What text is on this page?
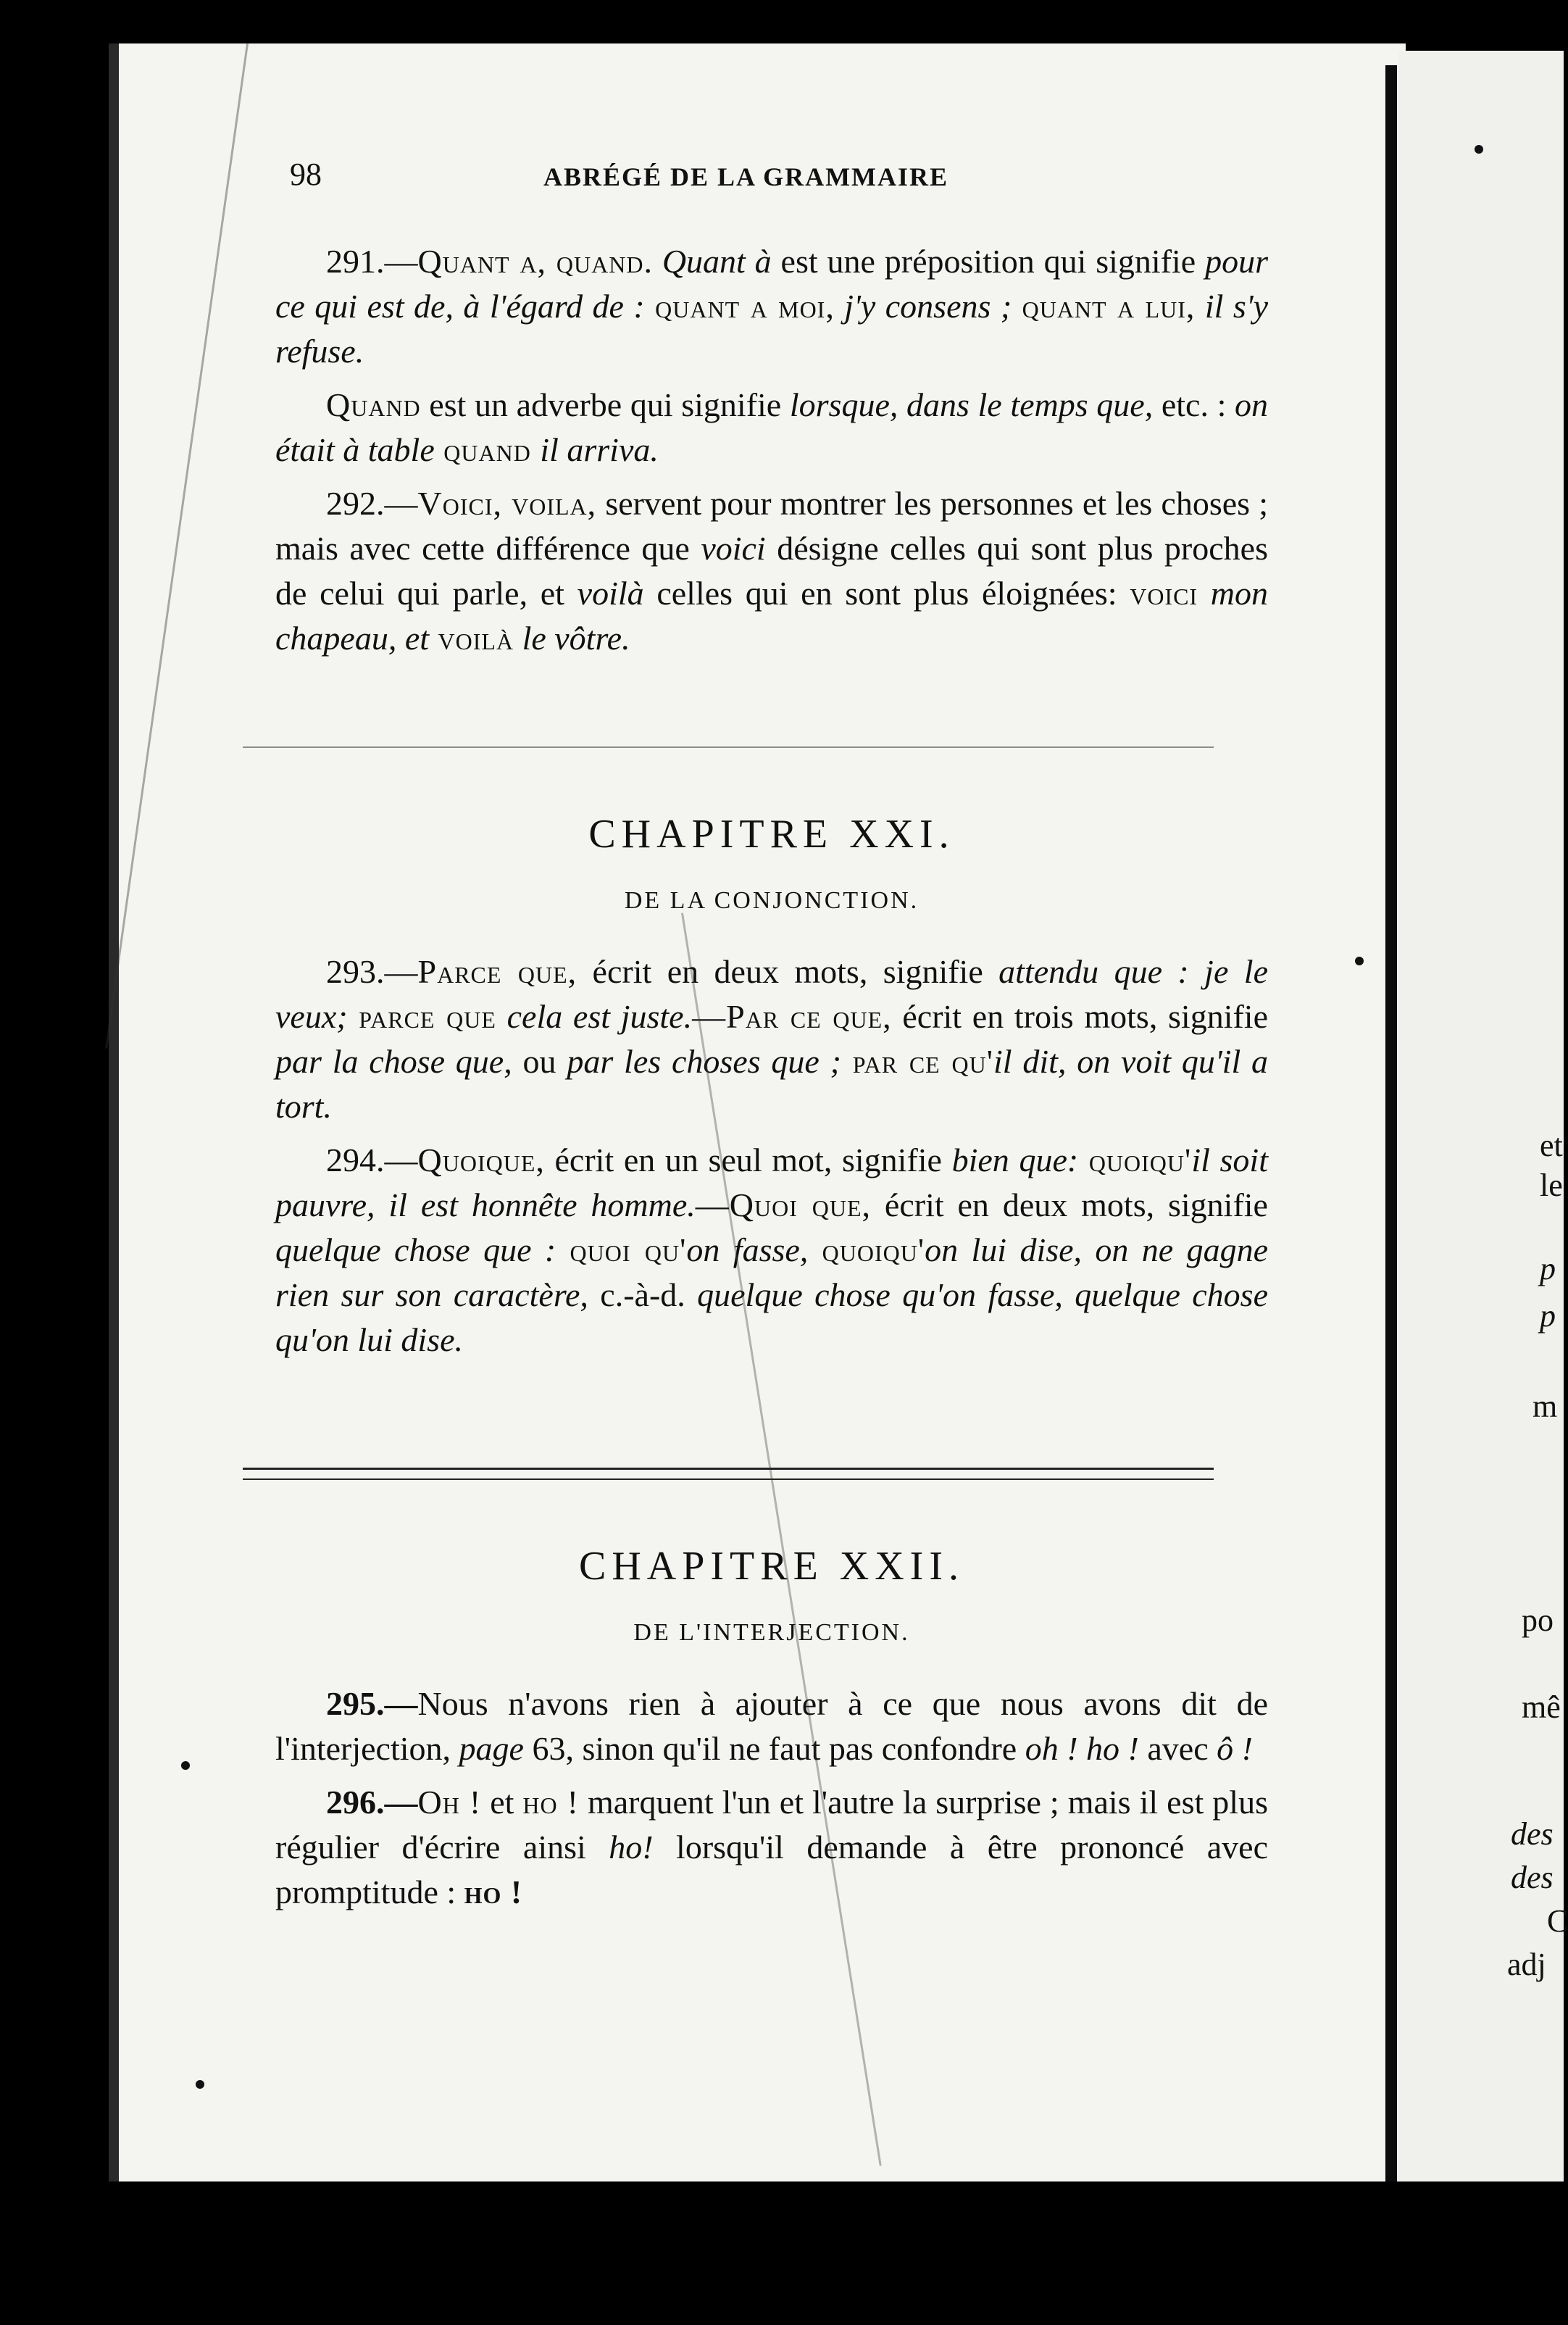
98	ABRÉGÉ DE LA GRAMMAIRE

291.—Quant a, quand. Quant à est une préposition qui signifie pour ce qui est de, à l'égard de : quant a moi, j'y consens ; quant a lui, il s'y refuse.

Quand est un adverbe qui signifie lorsque, dans le temps que, etc. : on était à table quand il arriva.

292.—Voici, voila, servent pour montrer les personnes et les choses ; mais avec cette différence que voici désigne celles qui sont plus proches de celui qui parle, et voilà celles qui en sont plus éloignées: voici mon chapeau, et voilà le vôtre.

CHAPITRE XXI.

DE LA CONJONCTION.

293.—Parce que, écrit en deux mots, signifie attendu que : je le veux; parce que cela est juste.—Par ce que, écrit en trois mots, signifie par la chose que, ou par les choses que ; par ce qu'il dit, on voit qu'il a tort.

294.—Quoique, écrit en un seul mot, signifie bien que: quoiqu'il soit pauvre, il est honnête homme.—Quoi que, écrit en deux mots, signifie quelque chose que : quoi qu'on fasse, quoiqu'on lui dise, on ne gagne rien sur son caractère, c.-à-d. quelque chose qu'on fasse, quelque chose qu'on lui dise.

CHAPITRE XXII.

DE L'INTERJECTION.

295.—Nous n'avons rien à ajouter à ce que nous avons dit de l'interjection, page 63, sinon qu'il ne faut pas confondre oh ! ho ! avec ô !

296.—Oh ! et ho ! marquent l'un et l'autre la surprise ; mais il est plus régulier d'écrire ainsi ho! lorsqu'il demande à être prononcé avec promptitude : ho !

et
le
p
p
m
po
mê
des
des
C
adj
